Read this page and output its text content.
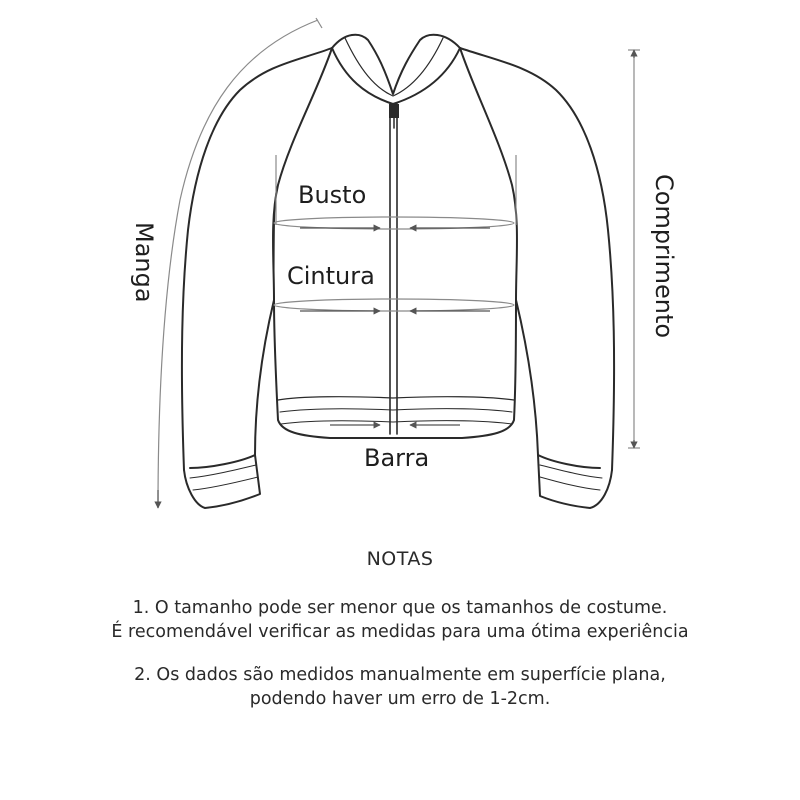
Busto
Cintura
Barra
Manga	Comprimento
NOTAS
1. O tamanho pode ser menor que os tamanhos de costume.
É recomendável verificar as medidas para uma ótima experiência
2. Os dados são medidos manualmente em superfície plana,
podendo haver um erro de 1-2cm.
